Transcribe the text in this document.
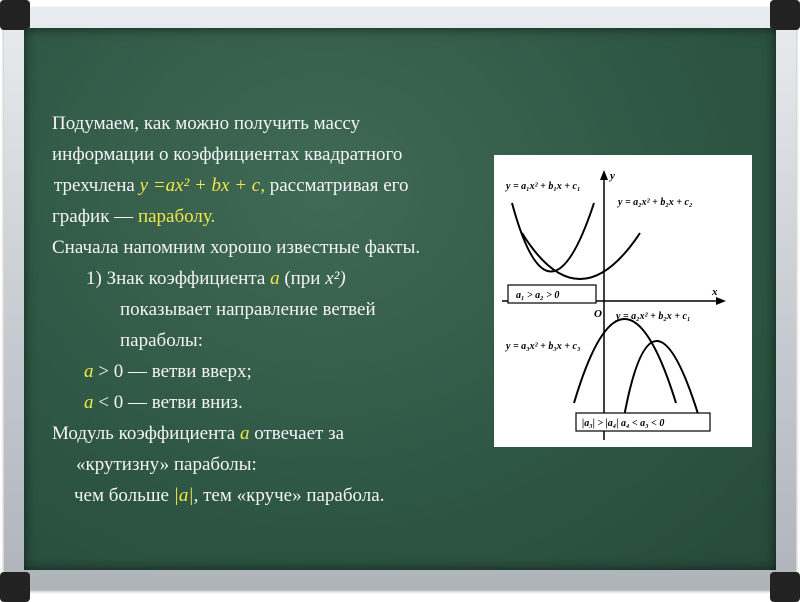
Подумаем, как можно получить массу
информации о коэффициентах квадратного
трехчлена y =ax² + bx + c, рассматривая его
график — параболу.
Сначала напомним хорошо известные факты.
1) Знак коэффициента a (при x²)
показывает направление ветвей
параболы:
a > 0 — ветви вверх;
a < 0 — ветви вниз.
Модуль коэффициента a отвечает за
«крутизну» параболы:
чем больше |a|, тем «круче» парабола.
y
x
O
y = a₁x² + b₁x + c₁
y = a₂x² + b₂x + c₂
y = a₃x² + b₃x + c₃
y = a₂x² + b₂x + c₁
a₁ > a₂ > 0
|a₃| > |a₄| a₄ < a₃ < 0
